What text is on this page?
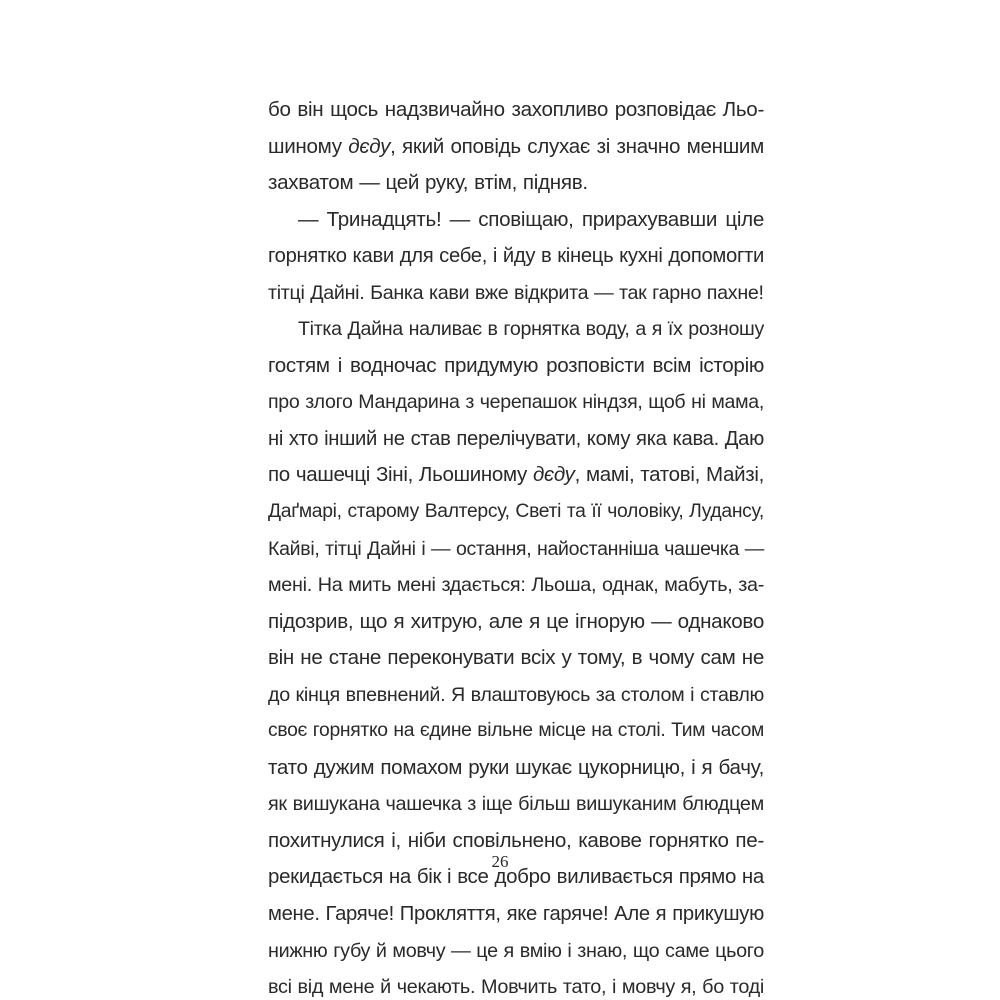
бо він щось надзвичайно захопливо розповідає Льо-
шиному дєду, який оповідь слухає зі значно меншим
захватом — цей руку, втім, підняв.
— Тринадцять! — сповіщаю, прирахувавши ціле
горнятко кави для себе, і йду в кінець кухні допомогти
тітці Дайні. Банка кави вже відкрита — так гарно пахне!
Тітка Дайна наливає в горнятка воду, а я їх розношу
гостям і водночас придумую розповісти всім історію
про злого Мандарина з черепашок ніндзя, щоб ні мама,
ні хто інший не став перелічувати, кому яка кава. Даю
по чашечці Зіні, Льошиному дєду, мамі, татові, Майзі,
Даґмарі, старому Валтерсу, Светі та її чоловіку, Лудансу,
Кайві, тітці Дайні і — остання, найостанніша чашечка —
мені. На мить мені здається: Льоша, однак, мабуть, за-
підозрив, що я хитрую, але я це ігнорую — однаково
він не стане переконувати всіх у тому, в чому сам не
до кінця впевнений. Я влаштовуюсь за столом і ставлю
своє горнятко на єдине вільне місце на столі. Тим часом
тато дужим помахом руки шукає цукорницю, і я бачу,
як вишукана чашечка з іще більш вишуканим блюдцем
похитнулися і, ніби сповільнено, кавове горнятко пе-
рекидається на бік і все добро виливається прямо на
мене. Гаряче! Прокляття, яке гаряче! Але я прикушую
нижню губу й мовчу — це я вмію і знаю, що саме цього
всі від мене й чекають. Мовчить тато, і мовчу я, бо тоді
26
